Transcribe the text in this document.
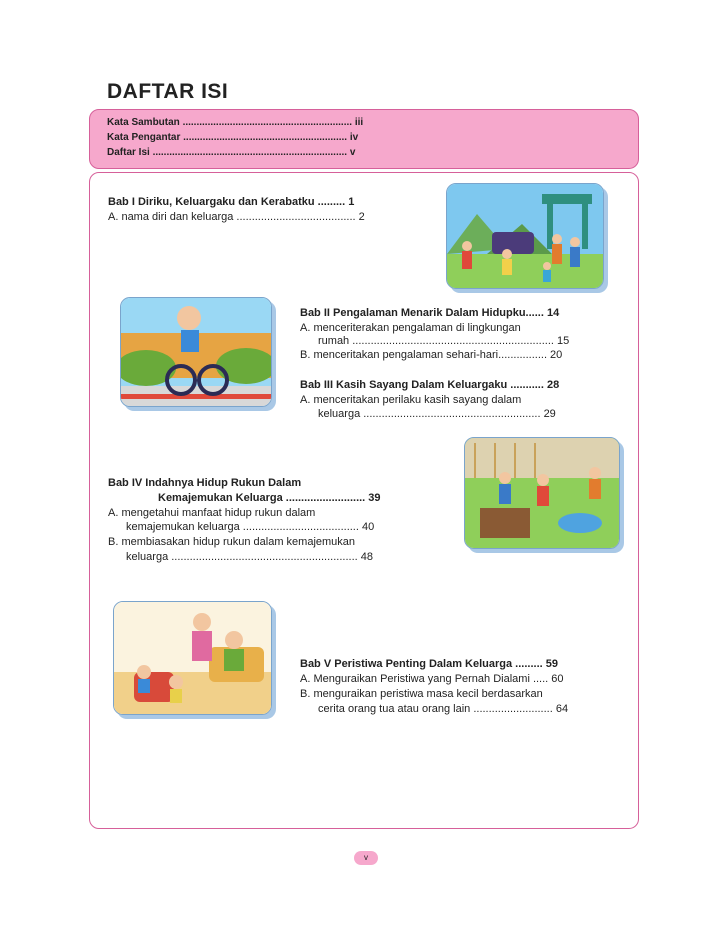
DAFTAR ISI
Kata Sambutan ............................................................. iii
Kata Pengantar ........................................................... iv
Daftar Isi ...................................................................... v
Bab I Diriku, Keluargaku dan Kerabatku ......... 1
A. nama diri dan keluarga ....................................... 2
Bab II Pengalaman Menarik Dalam Hidupku...... 14
A. menceriterakan pengalaman di lingkungan
rumah .................................................................. 15
B. menceritakan pengalaman sehari-hari................ 20
Bab III Kasih Sayang Dalam Keluargaku ........... 28
A. menceritakan perilaku kasih sayang dalam
keluarga .......................................................... 29
Bab IV Indahnya Hidup Rukun Dalam
Kemajemukan Keluarga .......................... 39
A. mengetahui manfaat hidup rukun dalam
kemajemukan keluarga ...................................... 40
B. membiasakan hidup rukun dalam kemajemukan
keluarga ............................................................. 48
Bab V Peristiwa Penting Dalam Keluarga ......... 59
A. Menguraikan Peristiwa yang Pernah Dialami ..... 60
B. menguraikan peristiwa masa kecil berdasarkan
cerita orang tua atau orang lain .......................... 64
v
